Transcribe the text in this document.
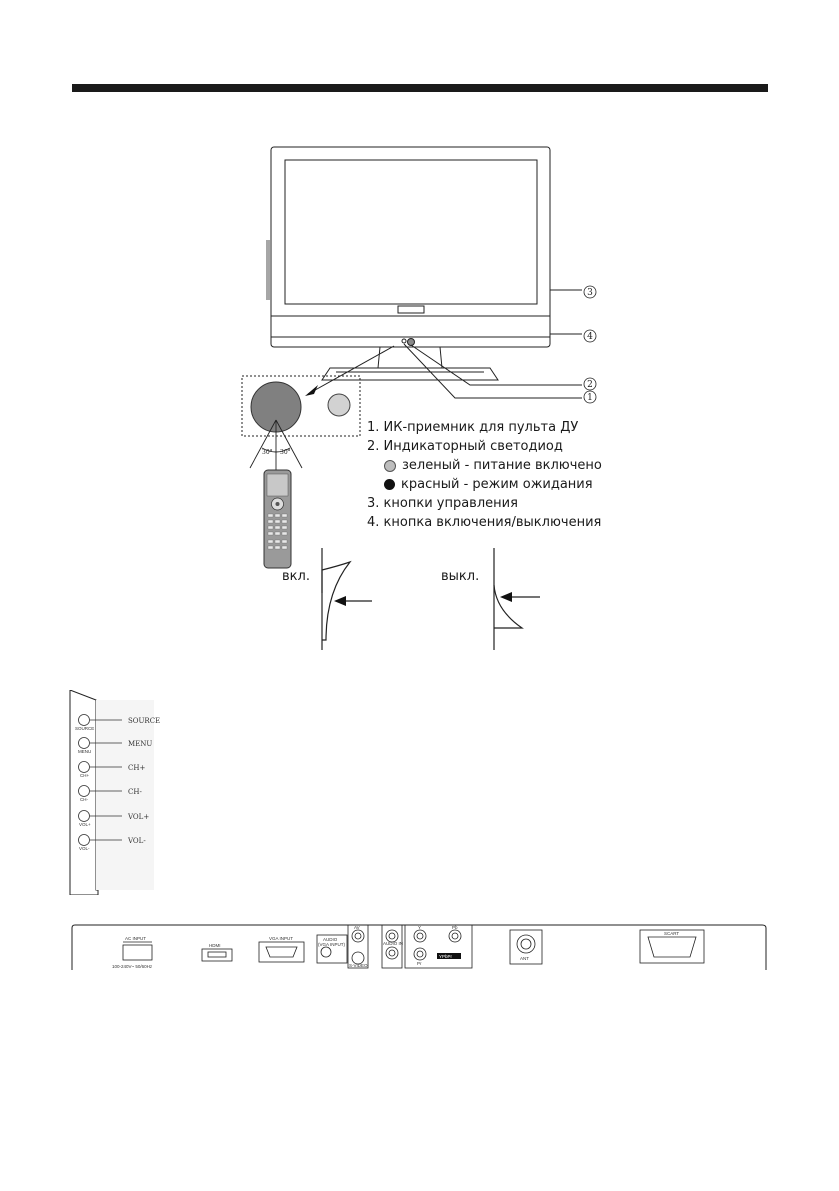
3
4
2
1
30° 30°
вкл.	выкл.
1. ИК-приемник для пульта ДУ
2. Индикаторный светодиод
зеленый - питание включено
красный - режим ожидания
3. кнопки управления
4. кнопка включения/выключения
SOURCE
MENU
CH+
CH-
VOL+
VOL-
SOURCE
MENU
CH+
CH-
VOL+
VOL-
AC INPUT
100-240V~ 50/60Hz
HDMI
VGA INPUT	AUDIO
(VGA INPUT)
AV
S-VIDEO
AUDIO IN
Y	Pb
Pr
YPbPr	ANT
SCART
